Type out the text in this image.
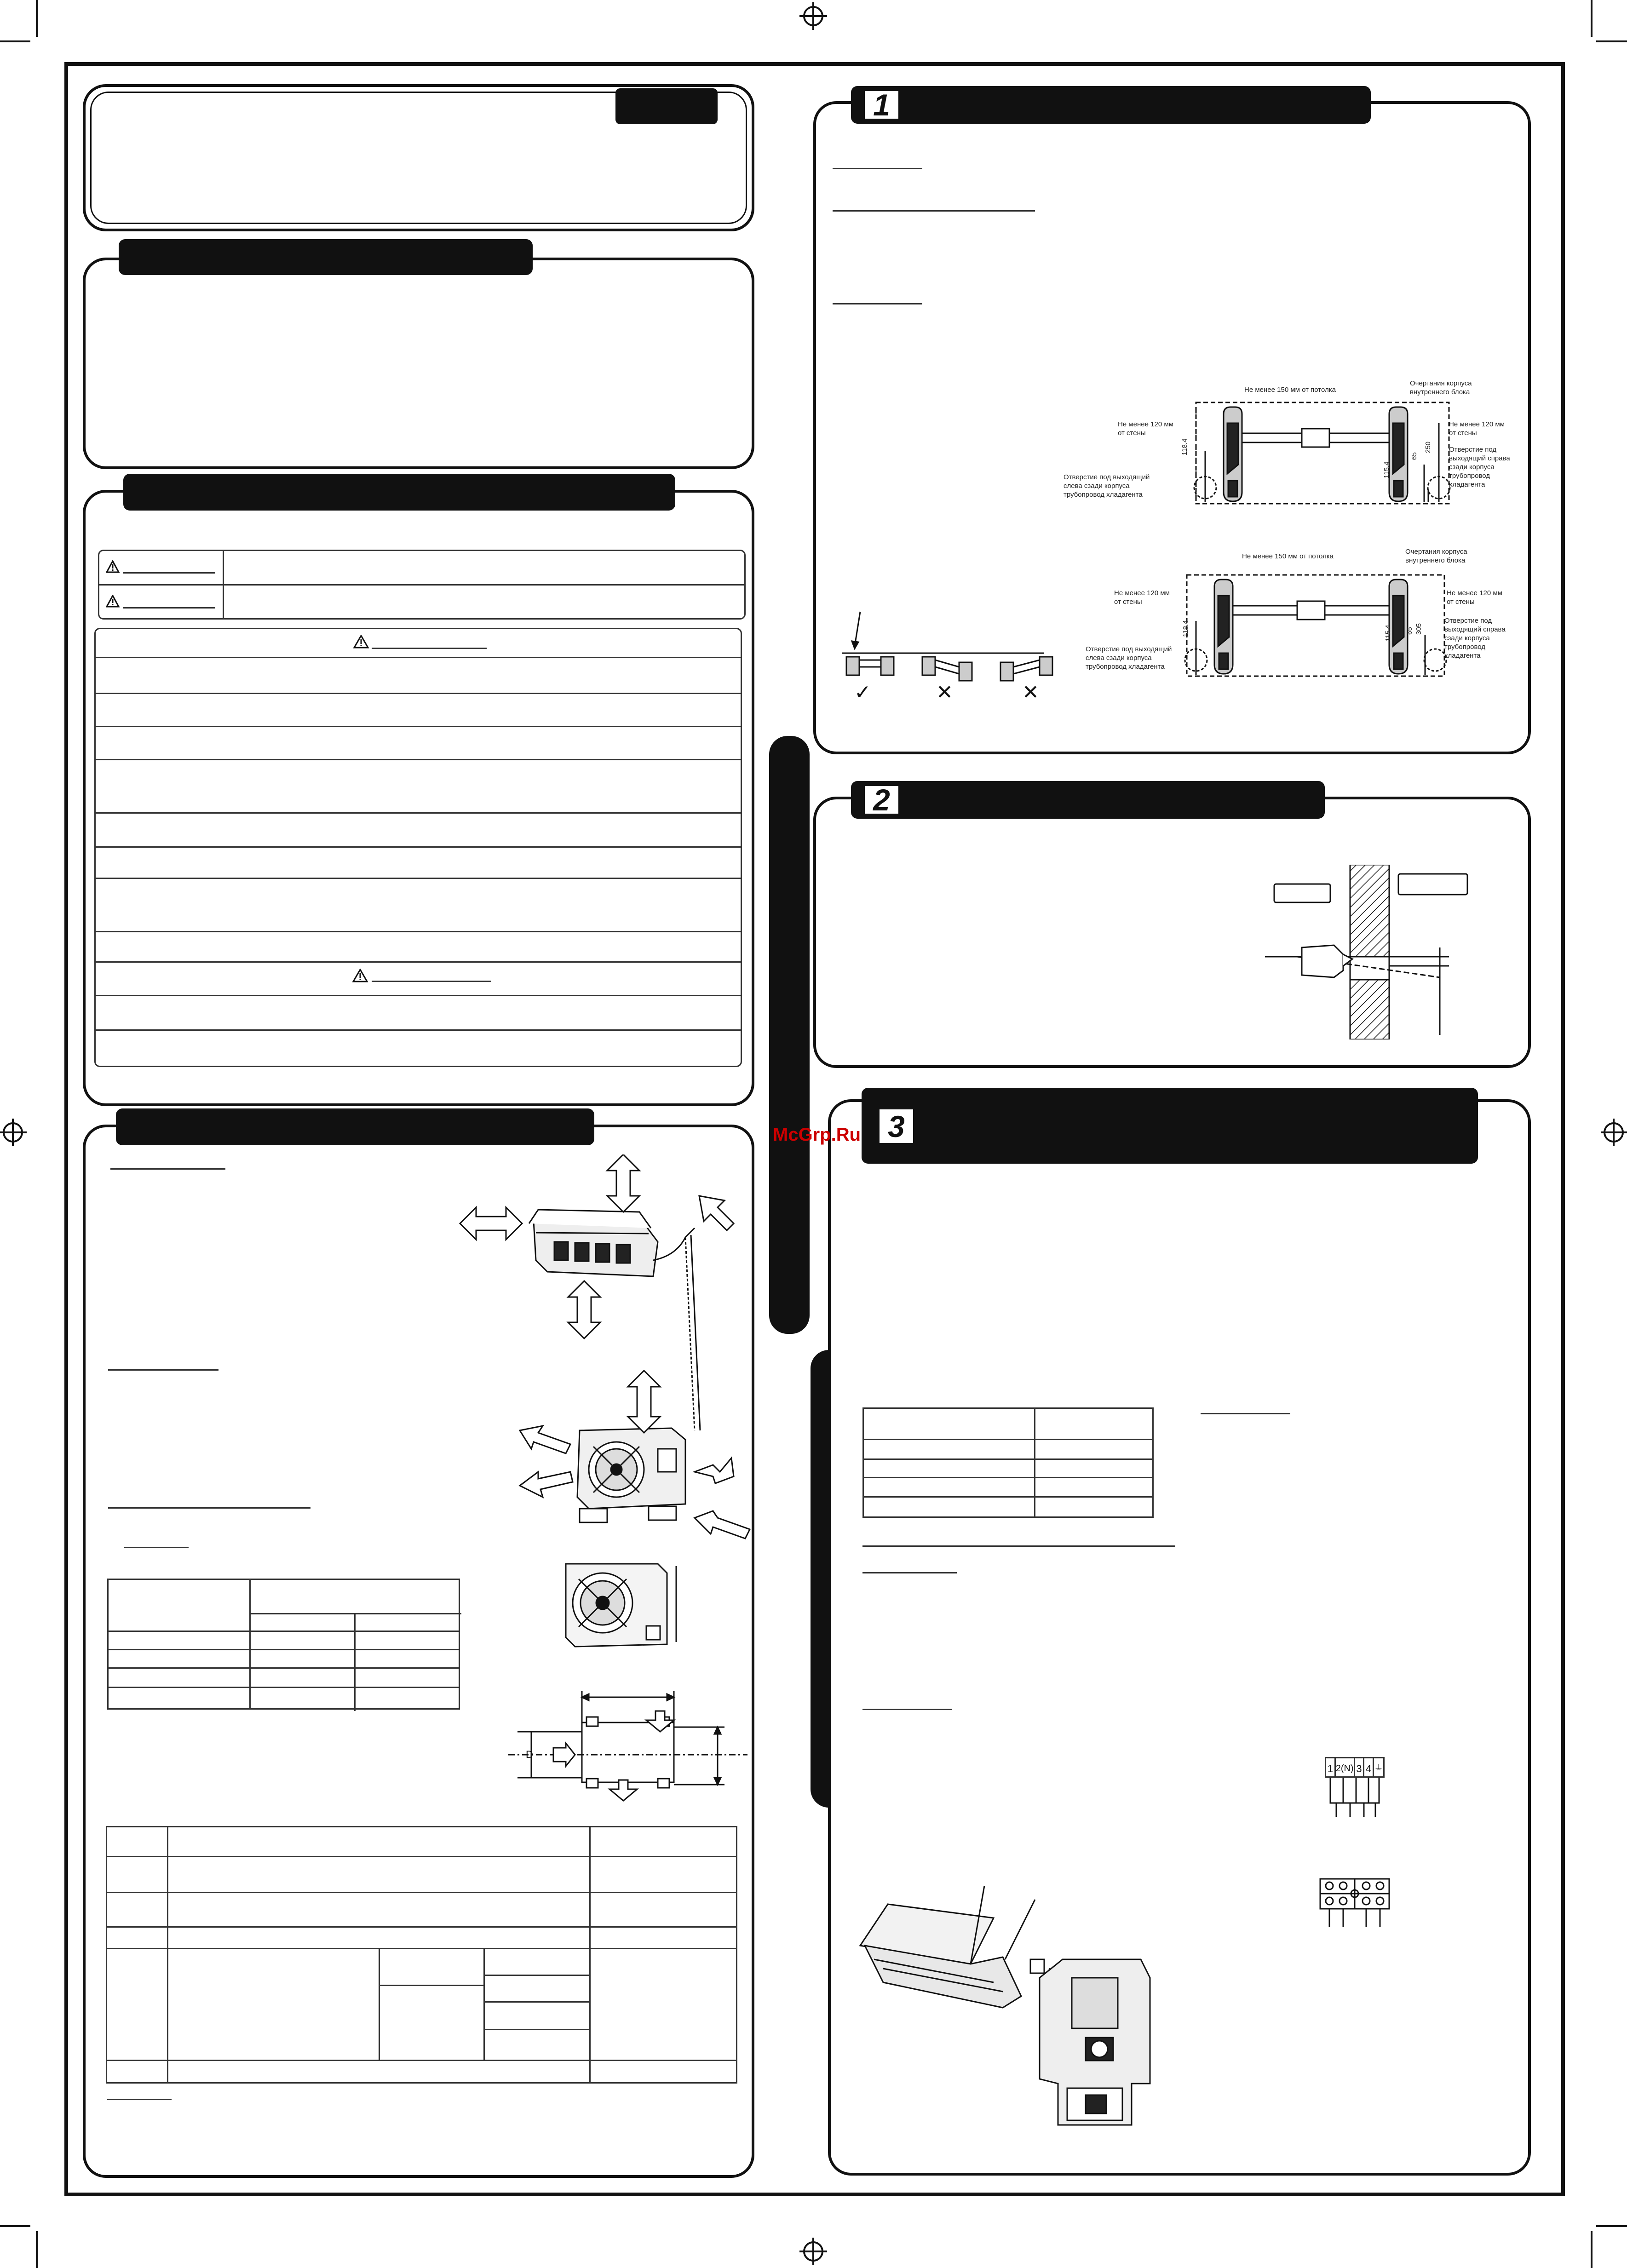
D
1
Не менее 150 мм от потолка
Очертания корпуса
внутреннего блока
Не менее 120 мм
от стены
Не менее 120 мм
от стены
Отверстие под
выходящий справа
сзади корпуса
трубопровод
хладагента
Отверстие под выходящий
слева сзади корпуса
трубопровод хладагента
118.4
115.4
250
65
Не менее 150 мм от потолка
Очертания корпуса
внутреннего блока
Не менее 120 мм
от стены
Не менее 120 мм
от стены
Отверстие под
выходящий справа
сзади корпуса
трубопровод
хладагента
Отверстие под выходящий
слева сзади корпуса
трубопровод хладагента
118.4	115.4	305
65
✓	✕	✕
2
3
McGrp.Ru
1 2(N) 3 4 ⏚
